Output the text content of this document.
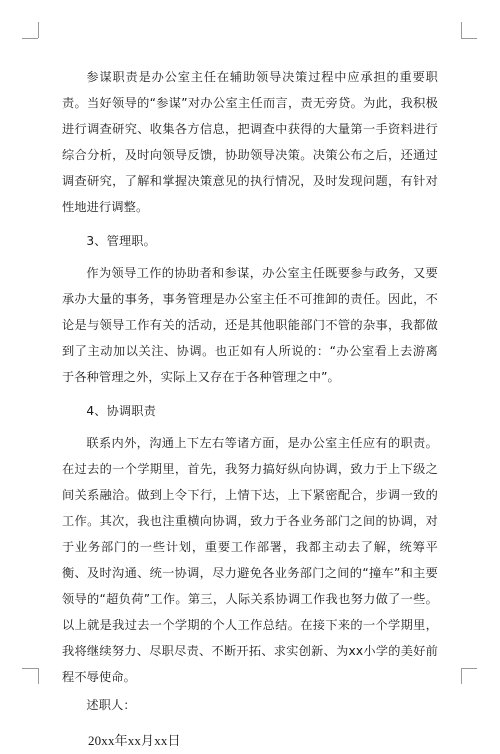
参谋职责是办公室主任在辅助领导决策过程中应承担的重要职责。当好领导的“参谋”对办公室主任而言，责无旁贷。为此，我积极进行调查研究、收集各方信息，把调查中获得的大量第一手资料进行综合分析，及时向领导反馈，协助领导决策。决策公布之后，还通过调查研究，了解和掌握决策意见的执行情况，及时发现问题，有针对性地进行调整。

3、管理职。

作为领导工作的协助者和参谋，办公室主任既要参与政务，又要承办大量的事务，事务管理是办公室主任不可推卸的责任。因此，不论是与领导工作有关的活动，还是其他职能部门不管的杂事，我都做到了主动加以关注、协调。也正如有人所说的：“办公室看上去游离于各种管理之外，实际上又存在于各种管理之中”。

4、协调职责

联系内外，沟通上下左右等诸方面，是办公室主任应有的职责。在过去的一个学期里，首先，我努力搞好纵向协调，致力于上下级之间关系融洽。做到上令下行，上情下达，上下紧密配合，步调一致的工作。其次，我也注重横向协调，致力于各业务部门之间的协调，对于业务部门的一些计划，重要工作部署，我都主动去了解，统筹平衡、及时沟通、统一协调，尽力避免各业务部门之间的“撞车”和主要领导的“超负荷”工作。第三，人际关系协调工作我也努力做了一些。以上就是我过去一个学期的个人工作总结。在接下来的一个学期里，我将继续努力、尽职尽责、不断开拓、求实创新、为xx小学的美好前程不辱使命。

述职人：

20xx年xx月xx日
